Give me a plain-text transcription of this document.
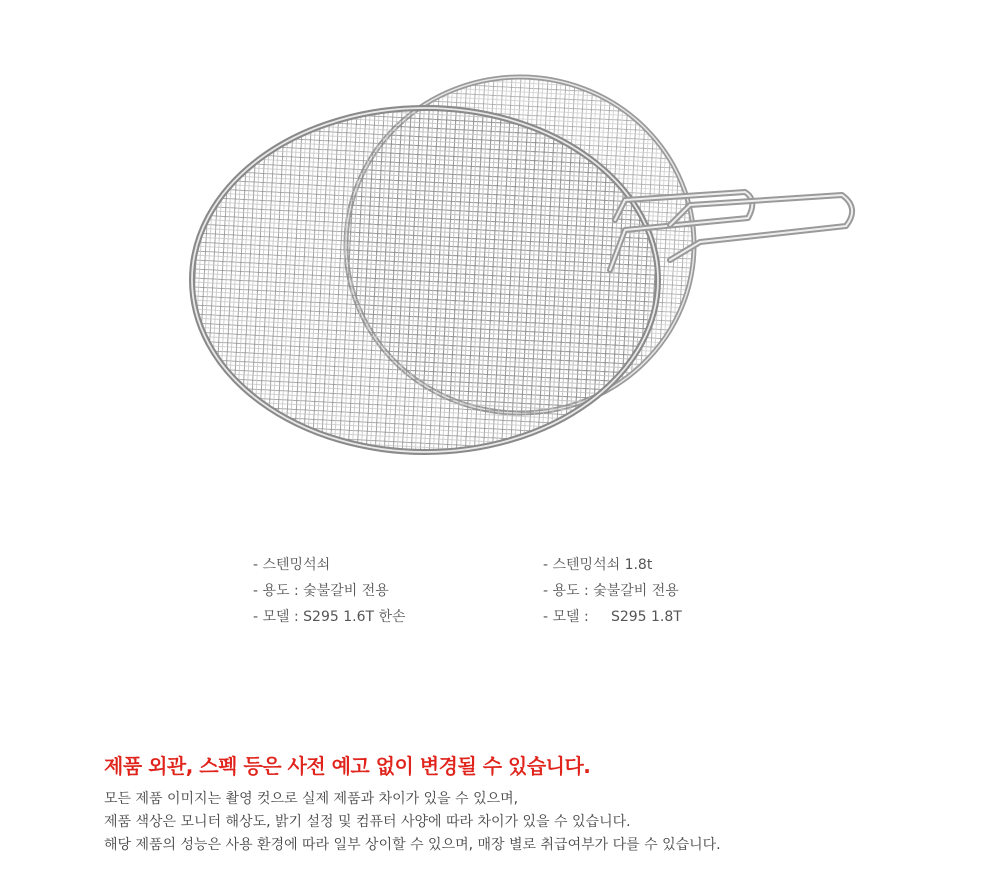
- 스텐밍석쇠
- 용도 : 숯불갈비 전용
- 모델 : S295 1.6T 한손
- 스텐밍석쇠 1.8t
- 용도 : 숯불갈비 전용
- 모델 :     S295 1.8T
제품 외관, 스펙 등은 사전 예고 없이 변경될 수 있습니다.
모든 제품 이미지는 촬영 컷으로 실제 제품과 차이가 있을 수 있으며,
제품 색상은 모니터 해상도, 밝기 설정 및 컴퓨터 사양에 따라 차이가 있을 수 있습니다.
해당 제품의 성능은 사용 환경에 따라 일부 상이할 수 있으며, 매장 별로 취급여부가 다를 수 있습니다.
